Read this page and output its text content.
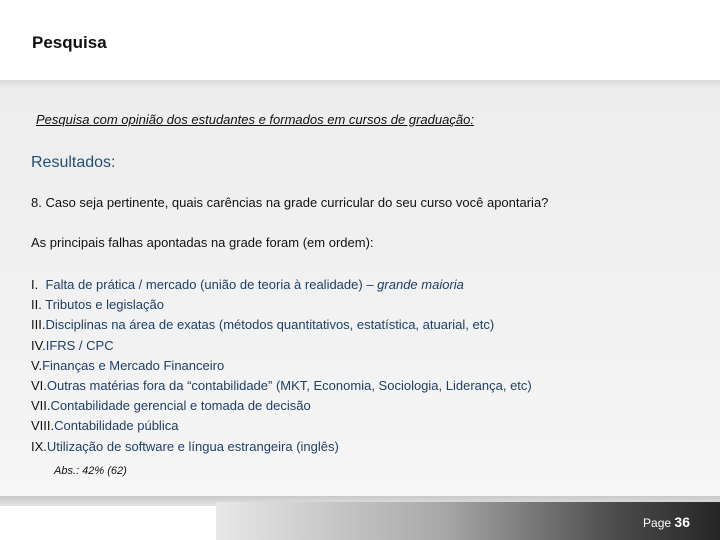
Pesquisa
Pesquisa com opinião dos estudantes e formados em cursos de graduação:
Resultados:
8. Caso seja pertinente, quais carências na grade curricular do seu curso você apontaria?
As principais falhas apontadas na grade foram (em ordem):
I. Falta de prática / mercado (união de teoria à realidade) – grande maioria
II. Tributos e legislação
III.Disciplinas na área de exatas (métodos quantitativos, estatística, atuarial, etc)
IV.IFRS / CPC
V.Finanças e Mercado Financeiro
VI.Outras matérias fora da “contabilidade” (MKT, Economia, Sociologia, Liderança, etc)
VII.Contabilidade gerencial e tomada de decisão
VIII.Contabilidade pública
IX.Utilização de software e língua estrangeira (inglês)
Abs.: 42% (62)
Page 36
